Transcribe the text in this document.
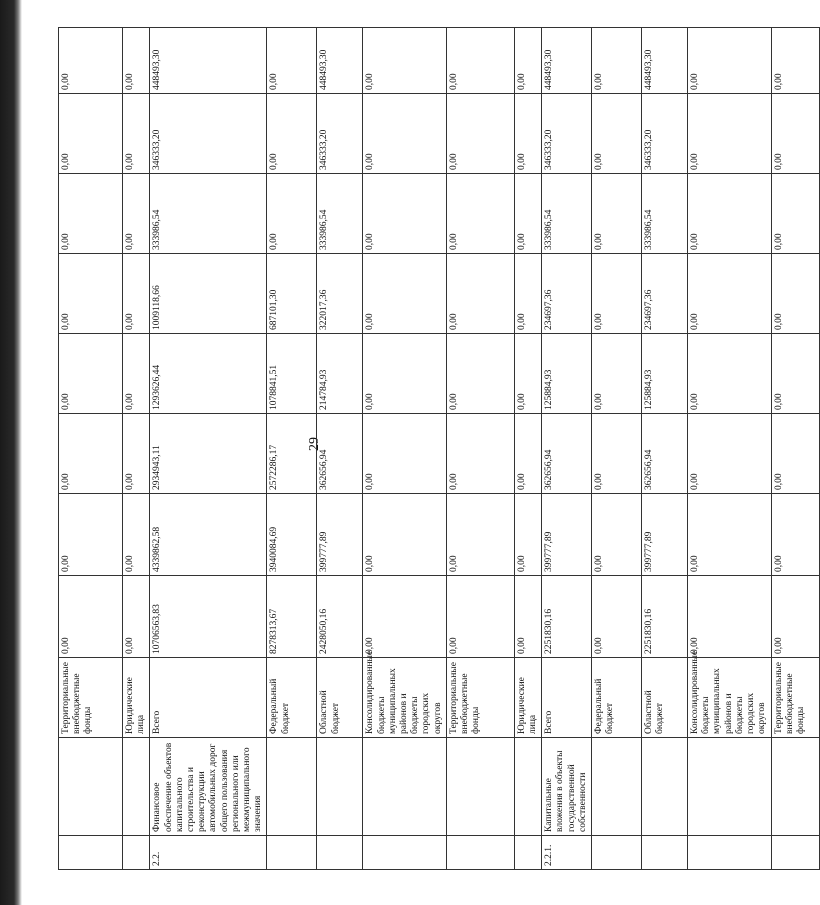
29
		Территориальные внебюджетные фонды	0,00	0,00	0,00	0,00	0,00	0,00	0,00	0,00
		Юридические лица	0,00	0,00	0,00	0,00	0,00	0,00	0,00	0,00
2.2.	Финансовое обеспечение объектов капитального строительства и реконструкции автомобильных дорог общего пользования регионального или межмуниципального значения	Всего	10706563,83	4339862,58	2934943,11	1293626,44	1009118,66	333986,54	346333,20	448493,30
		Федеральный бюджет	8278313,67	3940084,69	2572286,17	1078841,51	687101,30	0,00	0,00	0,00
		Областной бюджет	2428050,16	399777,89	362656,94	214784,93	322017,36	333986,54	346333,20	448493,30
		Консолидированные бюджеты муниципальных районов и бюджеты городских округов	0,00	0,00	0,00	0,00	0,00	0,00	0,00	0,00
		Территориальные внебюджетные фонды	0,00	0,00	0,00	0,00	0,00	0,00	0,00	0,00
		Юридические лица	0,00	0,00	0,00	0,00	0,00	0,00	0,00	0,00
2.2.1.	Капитальные вложения в объекты государственной собственности	Всего	2251830,16	399777,89	362656,94	125884,93	234697,36	333986,54	346333,20	448493,30
		Федеральный бюджет	0,00	0,00	0,00	0,00	0,00	0,00	0,00	0,00
		Областной бюджет	2251830,16	399777,89	362656,94	125884,93	234697,36	333986,54	346333,20	448493,30
		Консолидированные бюджеты муниципальных районов и бюджеты городских округов	0,00	0,00	0,00	0,00	0,00	0,00	0,00	0,00
		Территориальные внебюджетные фонды	0,00	0,00	0,00	0,00	0,00	0,00	0,00	0,00
